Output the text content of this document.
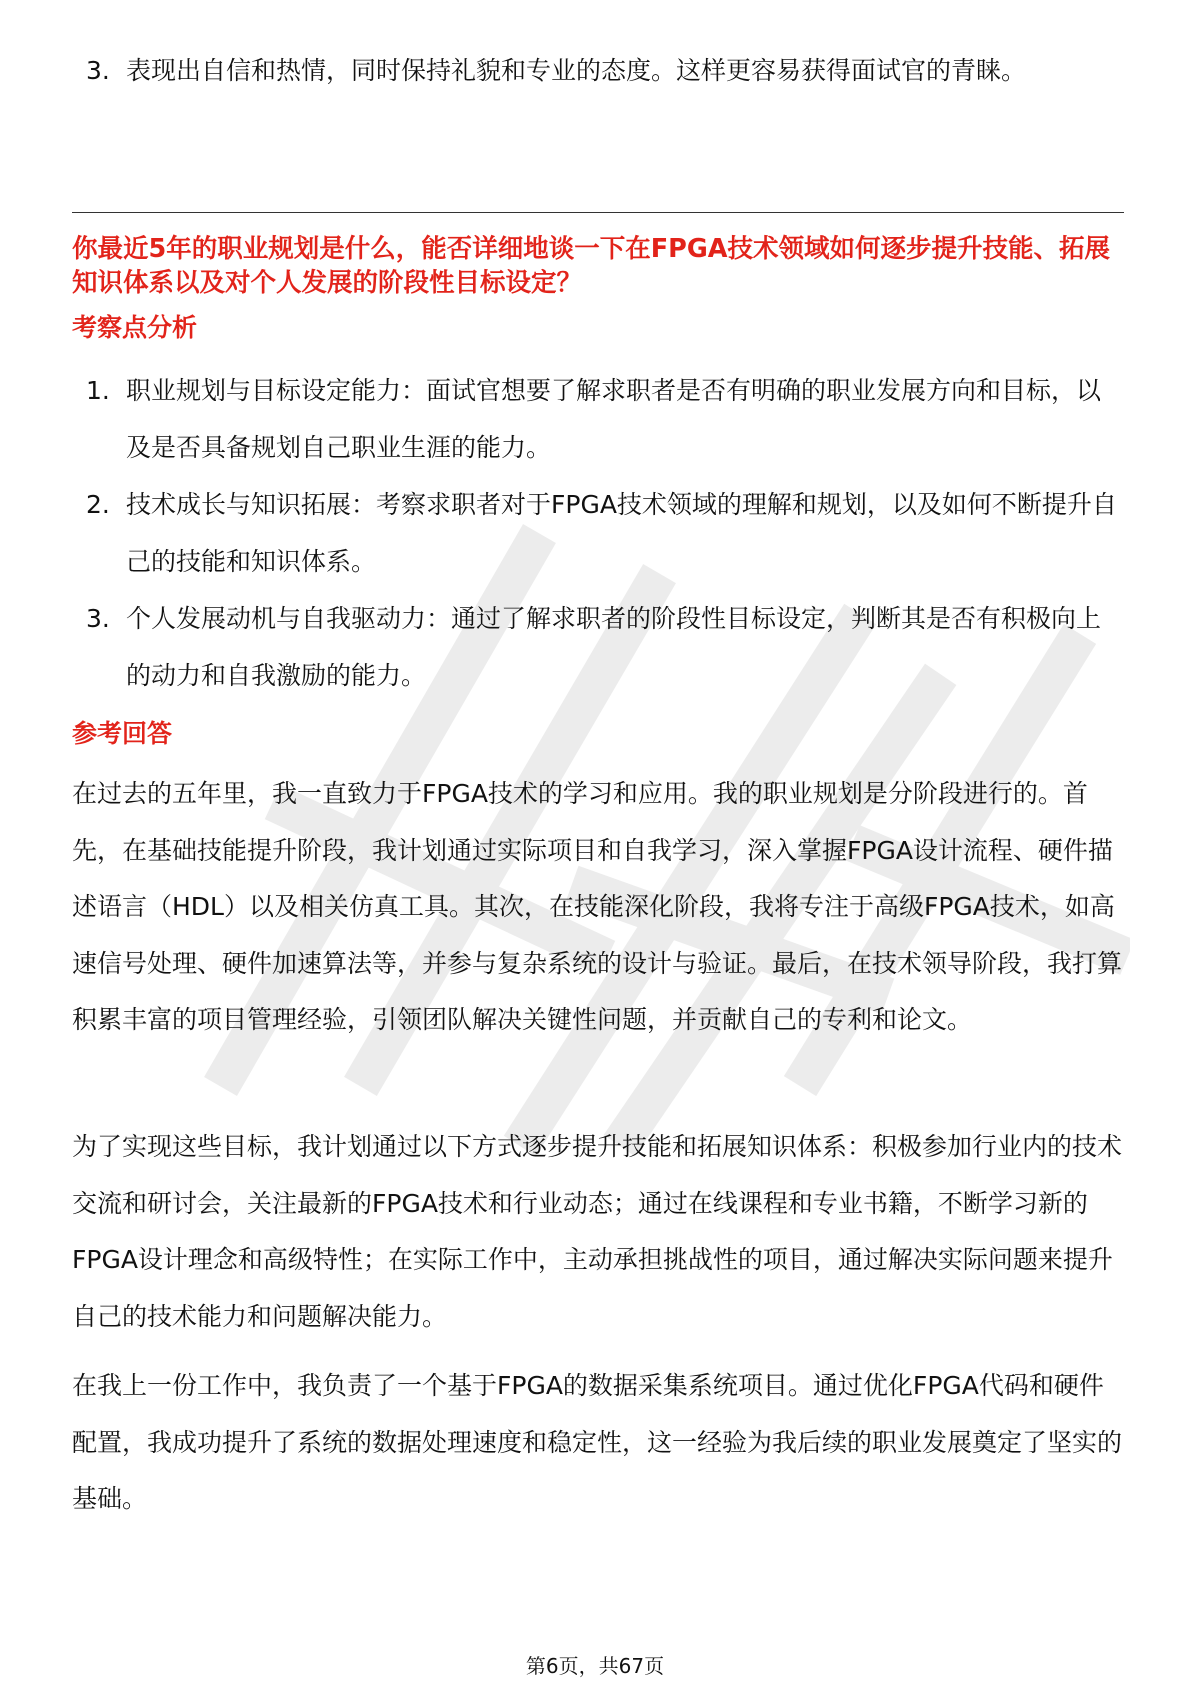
3. 表现出自信和热情，同时保持礼貌和专业的态度。这样更容易获得面试官的青睐。
你最近5年的职业规划是什么，能否详细地谈一下在FPGA技术领域如何逐步提升技能、拓展知识体系以及对个人发展的阶段性目标设定？
考察点分析
1. 职业规划与目标设定能力：面试官想要了解求职者是否有明确的职业发展方向和目标，以及是否具备规划自己职业生涯的能力。
2. 技术成长与知识拓展：考察求职者对于FPGA技术领域的理解和规划，以及如何不断提升自己的技能和知识体系。
3. 个人发展动机与自我驱动力：通过了解求职者的阶段性目标设定，判断其是否有积极向上的动力和自我激励的能力。
参考回答

在过去的五年里，我一直致力于FPGA技术的学习和应用。我的职业规划是分阶段进行的。首先，在基础技能提升阶段，我计划通过实际项目和自我学习，深入掌握FPGA设计流程、硬件描述语言（HDL）以及相关仿真工具。其次，在技能深化阶段，我将专注于高级FPGA技术，如高速信号处理、硬件加速算法等，并参与复杂系统的设计与验证。最后，在技术领导阶段，我打算积累丰富的项目管理经验，引领团队解决关键性问题，并贡献自己的专利和论文。

为了实现这些目标，我计划通过以下方式逐步提升技能和拓展知识体系：积极参加行业内的技术交流和研讨会，关注最新的FPGA技术和行业动态；通过在线课程和专业书籍，不断学习新的FPGA设计理念和高级特性；在实际工作中，主动承担挑战性的项目，通过解决实际问题来提升自己的技术能力和问题解决能力。

在我上一份工作中，我负责了一个基于FPGA的数据采集系统项目。通过优化FPGA代码和硬件配置，我成功提升了系统的数据处理速度和稳定性，这一经验为我后续的职业发展奠定了坚实的基础。

第6页，共67页
